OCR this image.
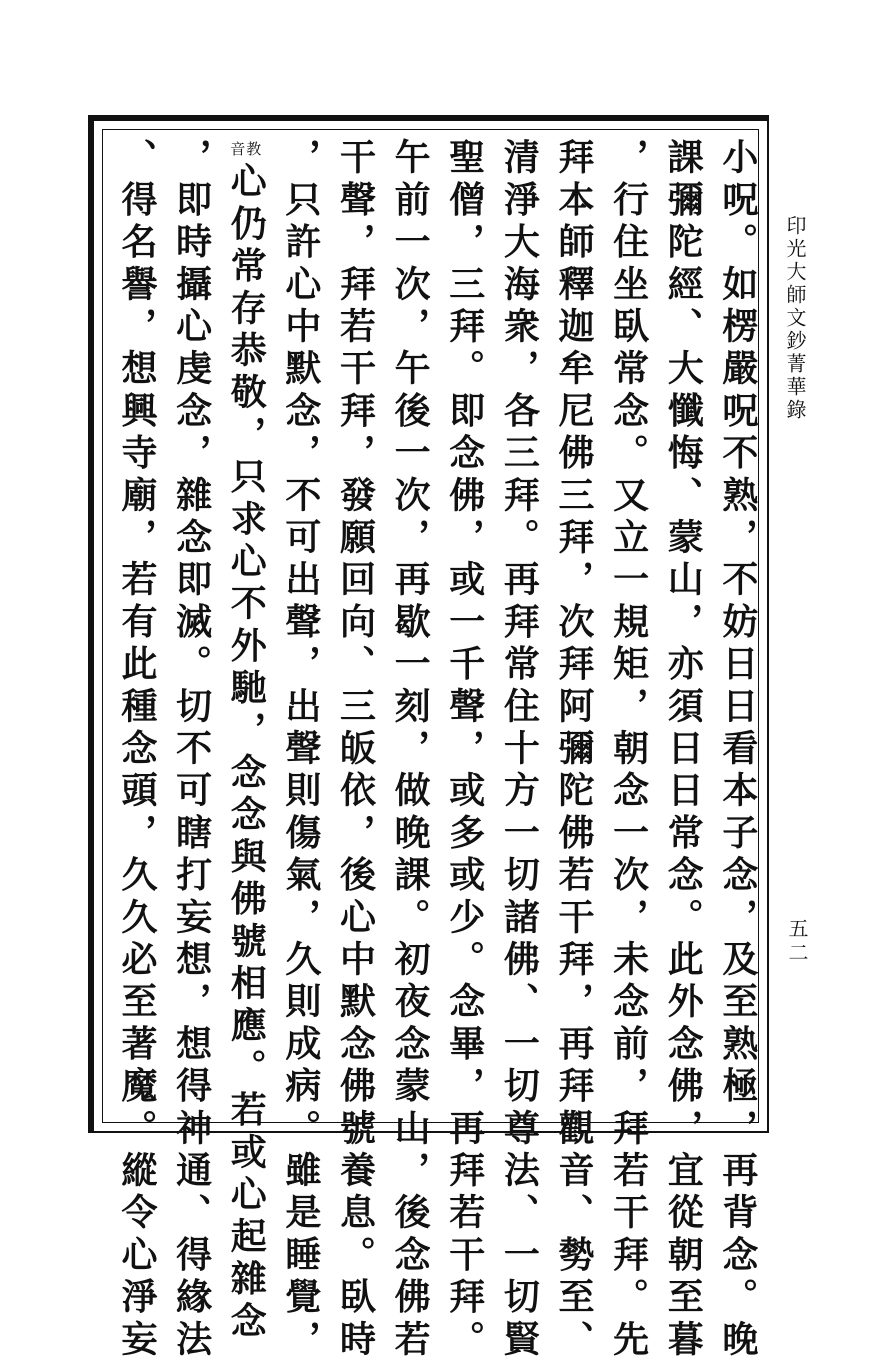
印光大師文鈔菁華錄
五二
小呪。如楞嚴呪不熟，不妨日日看本子念，及至熟極，再背念。晚
課彌陀經、大懺悔、蒙山，亦須日日常念。此外念佛，宜從朝至暮
，行住坐臥常念。又立一規矩，朝念一次，未念前，拜若干拜。先
拜本師釋迦牟尼佛三拜，次拜阿彌陀佛若干拜，再拜觀音、勢至、
清淨大海衆，各三拜。再拜常住十方一切諸佛、一切尊法、一切賢
聖僧，三拜。即念佛，或一千聲，或多或少。念畢，再拜若干拜。
午前一次，午後一次，再歇一刻，做晚課。初夜念蒙山，後念佛若
干聲，拜若干拜，發願回向、三皈依，後心中默念佛號養息。臥時
，只許心中默念，不可出聲，出聲則傷氣，久則成病。雖是睡覺，
音教
心仍常存恭敬，只求心不外馳，念念與佛號相應。若或心起雜念
，即時攝心虔念，雜念即滅。切不可瞎打妄想，想得神通、得緣法
、得名譽，想興寺廟，若有此種念頭，久久必至著魔。縱令心淨妄
